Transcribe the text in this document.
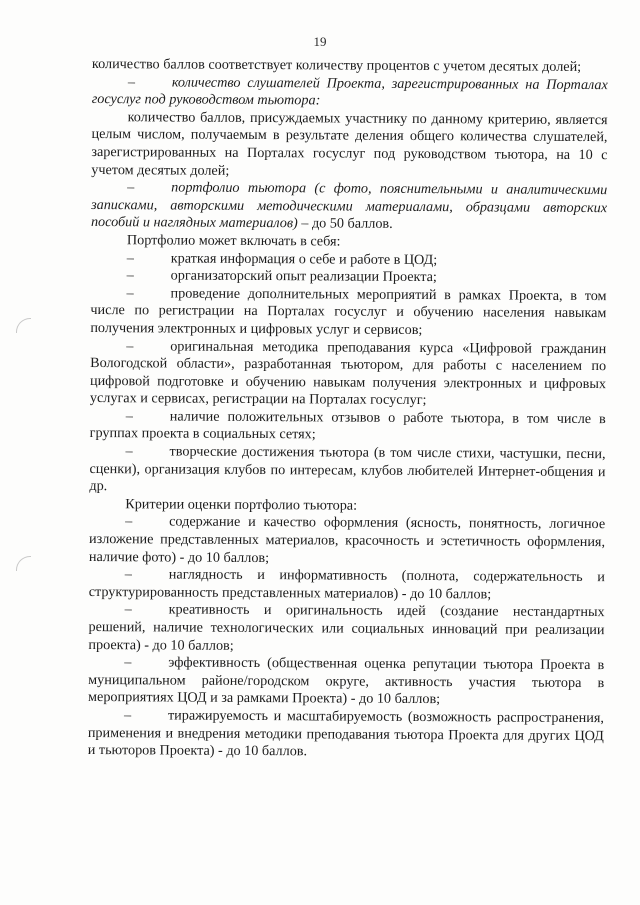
19

количество баллов соответствует количеству процентов с учетом десятых долей;

–	количество слушателей Проекта, зарегистрированных на Порталах госуслуг под руководством тьютора:

количество баллов, присуждаемых участнику по данному критерию, является целым числом, получаемым в результате деления общего количества слушателей, зарегистрированных на Порталах госуслуг под руководством тьютора, на 10 с учетом десятых долей;

–	портфолио тьютора (с фото, пояснительными и аналитическими записками, авторскими методическими материалами, образцами авторских пособий и наглядных материалов) – до 50 баллов.

Портфолио может включать в себя:

–	краткая информация о себе и работе в ЦОД;

–	организаторский опыт реализации Проекта;

–	проведение дополнительных мероприятий в рамках Проекта, в том числе по регистрации на Порталах госуслуг и обучению населения навыкам получения электронных и цифровых услуг и сервисов;

–	оригинальная методика преподавания курса «Цифровой гражданин Вологодской области», разработанная тьютором, для работы с населением по цифровой подготовке и обучению навыкам получения электронных и цифровых услугах и сервисах, регистрации на Порталах госуслуг;

–	наличие положительных отзывов о работе тьютора, в том числе в группах проекта в социальных сетях;

–	творческие достижения тьютора (в том числе стихи, частушки, песни, сценки), организация клубов по интересам, клубов любителей Интернет-общения и др.

Критерии оценки портфолио тьютора:

–	содержание и качество оформления (ясность, понятность, логичное изложение представленных материалов, красочность и эстетичность оформления, наличие фото) - до 10 баллов;

–	наглядность и информативность (полнота, содержательность и структурированность представленных материалов) - до 10 баллов;

–	креативность и оригинальность идей (создание нестандартных решений, наличие технологических или социальных инноваций при реализации проекта) - до 10 баллов;

–	эффективность (общественная оценка репутации тьютора Проекта в муниципальном районе/городском округе, активность участия тьютора в мероприятиях ЦОД и за рамками Проекта) - до 10 баллов;

–	тиражируемость и масштабируемость (возможность распространения, применения и внедрения методики преподавания тьютора Проекта для других ЦОД и тьюторов Проекта) - до 10 баллов.
